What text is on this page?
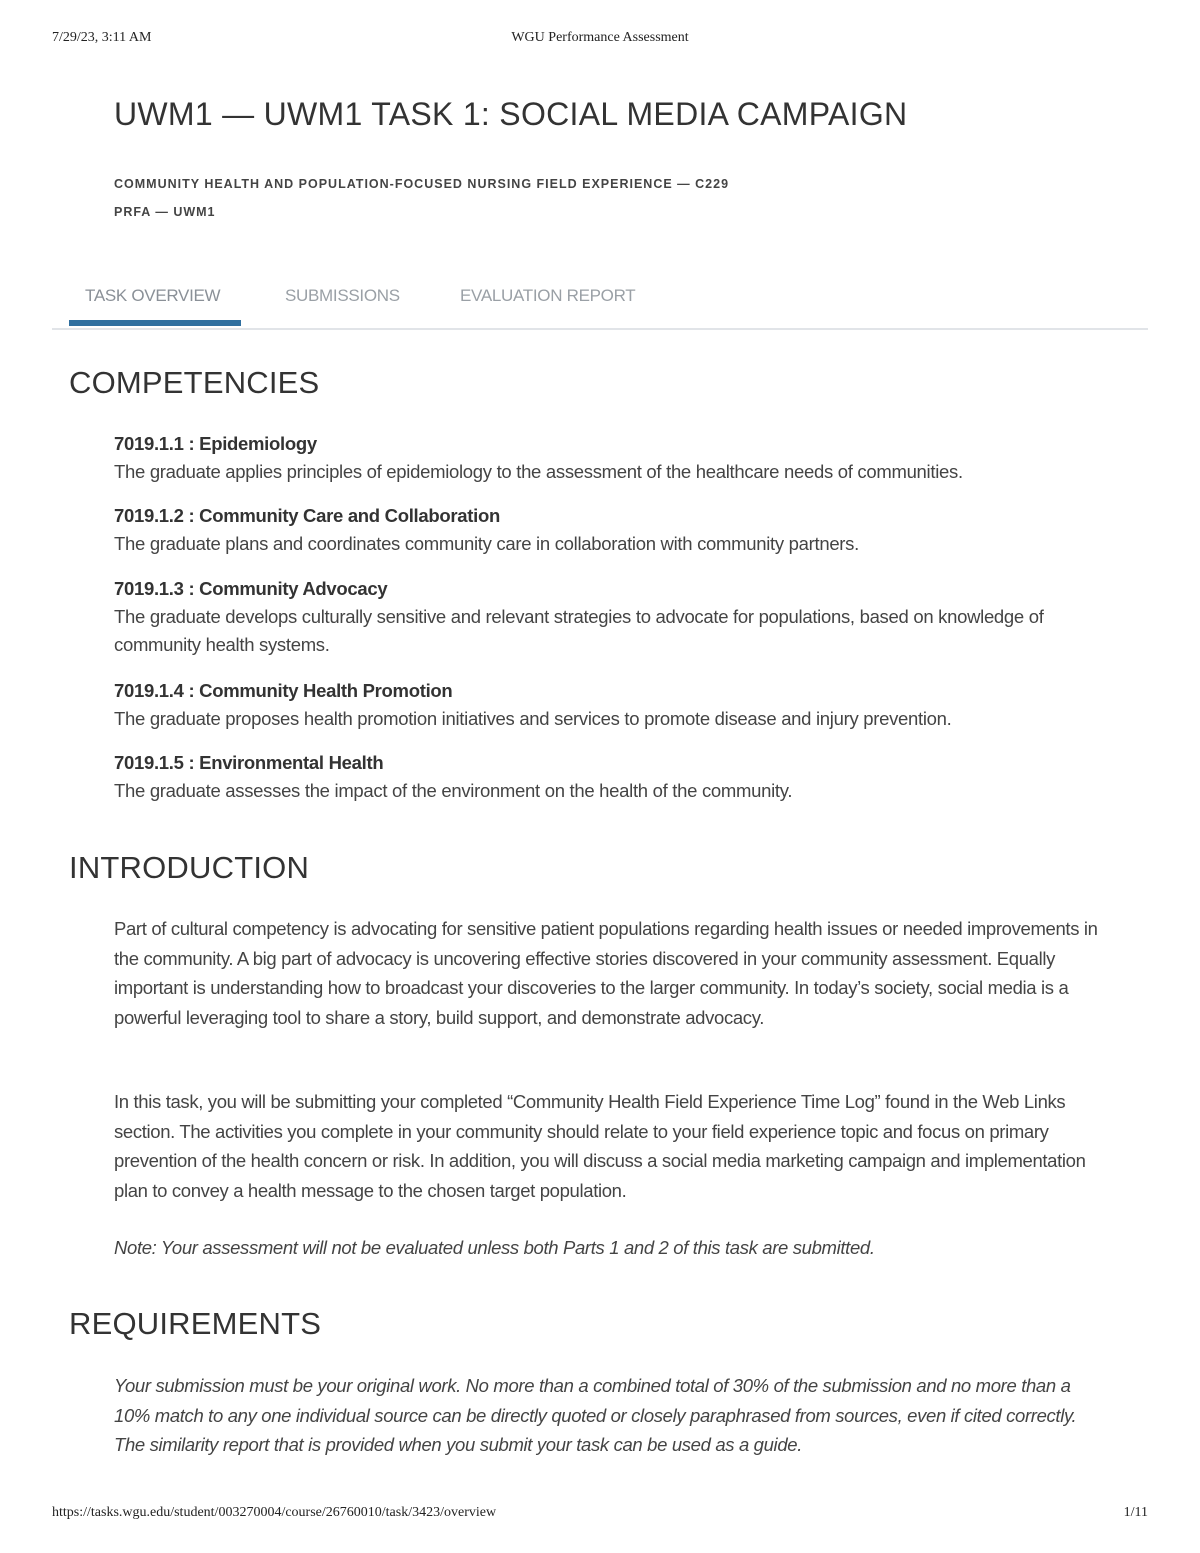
7/29/23, 3:11 AM	WGU Performance Assessment
UWM1 — UWM1 TASK 1: SOCIAL MEDIA CAMPAIGN
COMMUNITY HEALTH AND POPULATION-FOCUSED NURSING FIELD EXPERIENCE — C229
PRFA — UWM1
TASK OVERVIEW	SUBMISSIONS	EVALUATION REPORT
COMPETENCIES
7019.1.1 : Epidemiology
The graduate applies principles of epidemiology to the assessment of the healthcare needs of communities.
7019.1.2 : Community Care and Collaboration
The graduate plans and coordinates community care in collaboration with community partners.
7019.1.3 : Community Advocacy
The graduate develops culturally sensitive and relevant strategies to advocate for populations, based on knowledge of community health systems.
7019.1.4 : Community Health Promotion
The graduate proposes health promotion initiatives and services to promote disease and injury prevention.
7019.1.5 : Environmental Health
The graduate assesses the impact of the environment on the health of the community.
INTRODUCTION

Part of cultural competency is advocating for sensitive patient populations regarding health issues or needed improvements in the community. A big part of advocacy is uncovering effective stories discovered in your community assessment. Equally important is understanding how to broadcast your discoveries to the larger community. In today’s society, social media is a powerful leveraging tool to share a story, build support, and demonstrate advocacy.

In this task, you will be submitting your completed “Community Health Field Experience Time Log” found in the Web Links section. The activities you complete in your community should relate to your field experience topic and focus on primary prevention of the health concern or risk. In addition, you will discuss a social media marketing campaign and implementation plan to convey a health message to the chosen target population.

Note: Your assessment will not be evaluated unless both Parts 1 and 2 of this task are submitted.

REQUIREMENTS

Your submission must be your original work. No more than a combined total of 30% of the submission and no more than a 10% match to any one individual source can be directly quoted or closely paraphrased from sources, even if cited correctly. The similarity report that is provided when you submit your task can be used as a guide.

https://tasks.wgu.edu/student/003270004/course/26760010/task/3423/overview	1/11
